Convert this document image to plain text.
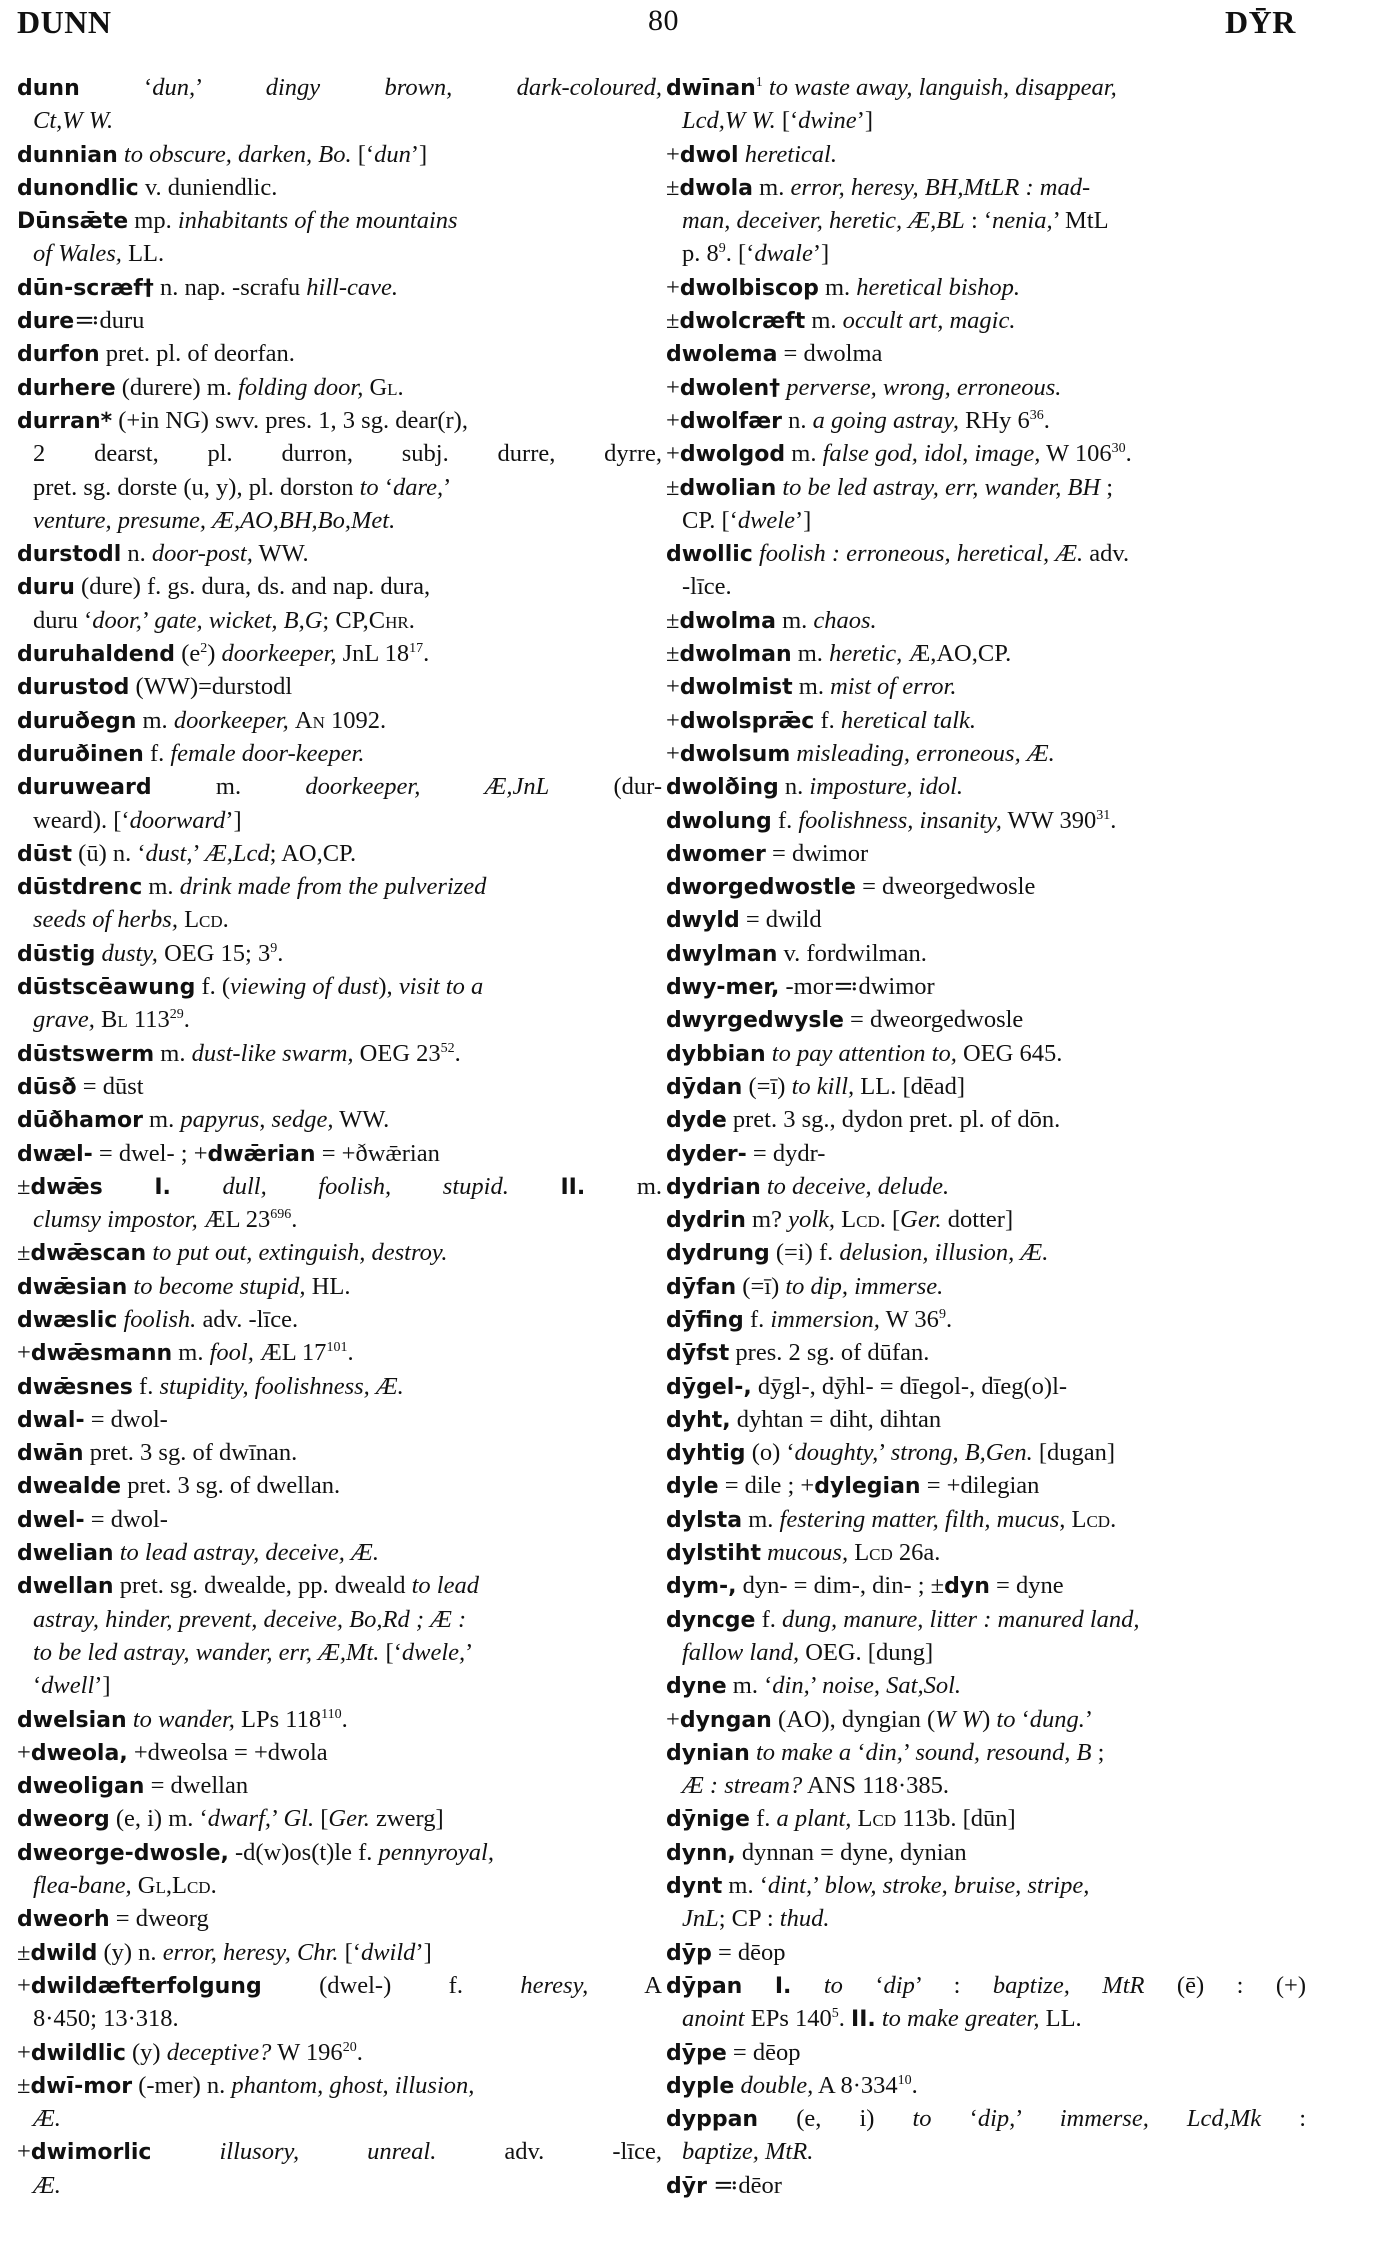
DUNN	80	DȲR
dunn ‘dun,’ dingy brown, dark-coloured,
Ct,W W.
dunnian to obscure, darken, Bo. [‘dun’]
dunondlic v. duniendlic.
Dūnsǣte mp. inhabitants of the mountains
of Wales, LL.
dūn-scræf† n. nap. -scrafu hill-cave.
dure≕duru
durfon pret. pl. of deorfan.
durhere (durere) m. folding door, Gl.
durran* (+in NG) swv. pres. 1, 3 sg. dear(r),
2 dearst, pl. durron, subj. durre, dyrre,
pret. sg. dorste (u, y), pl. dorston to ‘dare,’
venture, presume, Æ,AO,BH,Bo,Met.
durstodl n. door-post, WW.
duru (dure) f. gs. dura, ds. and nap. dura,
duru ‘door,’ gate, wicket, B,G; CP,Chr.
duruhaldend $(e^2)$ doorkeeper, JnL $18^{17}$.
durustod (WW)=durstodl
duruðegn m. doorkeeper, An 1092.
duruðinen f. female door-keeper.
duruweard m. doorkeeper, Æ,JnL (dur-
weard). [‘doorward’]
dūst (ū) n. ‘dust,’ Æ,Lcd; AO,CP.
dūstdrenc m. drink made from the pulverized
seeds of herbs, Lcd.
dūstig dusty, OEG 15; $3^9$.
dūstscēawung f. (viewing of dust), visit to a
grave, Bl $113^{29}$.
dūstswerm m. dust-like swarm, OEG $23^{52}$.
dūsð = dūst
dūðhamor m. papyrus, sedge, WW.
dwæl- = dwel- ; +dwǣrian = +ðwǣrian
±dwǣs I. dull, foolish, stupid. II. m.
clumsy impostor, ÆL $23^{696}$.
±dwǣscan to put out, extinguish, destroy.
dwǣsian to become stupid, HL.
dwæslic foolish. adv. -līce.
+dwǣsmann m. fool, ÆL $17^{101}$.
dwǣsnes f. stupidity, foolishness, Æ.
dwal- = dwol-
dwān pret. 3 sg. of dwīnan.
dwealde pret. 3 sg. of dwellan.
dwel- = dwol-
dwelian to lead astray, deceive, Æ.
dwellan pret. sg. dwealde, pp. dweald to lead
astray, hinder, prevent, deceive, Bo,Rd ; Æ :
to be led astray, wander, err, Æ,Mt. [‘dwele,’
‘dwell’]
dwelsian to wander, LPs $118^{110}$.
+dweola, +dweolsa = +dwola
dweoligan = dwellan
dweorg (e, i) m. ‘dwarf,’ Gl. [Ger. zwerg]
dweorge-dwosle, -d(w)os(t)le f. pennyroyal,
flea-bane, Gl,Lcd.
dweorh = dweorg
±dwild (y) n. error, heresy, Chr. [‘dwild’]
+dwildæfterfolgung (dwel-) f. heresy, A
8·450; 13·318.
+dwildlic (y) deceptive? W $196^{20}$.
±dwī-mor (-mer) n. phantom, ghost, illusion,
Æ.
+dwimorlic	illusory, unreal. adv. -līce,
Æ.
dwīnan$^1$ to waste away, languish, disappear,
Lcd,W W. [‘dwine’]
+dwol heretical.
±dwola m. error, heresy, BH,MtLR : mad-
man, deceiver, heretic, Æ,BL : ‘nenia,’ MtL
p. $8^9$. [‘dwale’]
+dwolbiscop m. heretical bishop.
±dwolcræft m. occult art, magic.
dwolema = dwolma
+dwolen† perverse, wrong, erroneous.
+dwolfær n. a going astray, RHy $6^{36}$.
+dwolgod m. false god, idol, image, W $106^{30}$.
±dwolian to be led astray, err, wander, BH ;
CP. [‘dwele’]
dwollic foolish : erroneous, heretical, Æ. adv.
-līce.
±dwolma m. chaos.
±dwolman m. heretic, Æ,AO,CP.
+dwolmist m. mist of error.
+dwolsprǣc f. heretical talk.
+dwolsum misleading, erroneous, Æ.
dwolðing n. imposture, idol.
dwolung f. foolishness, insanity, WW $390^{31}$.
dwomer = dwimor
dworgedwostle = dweorgedwosle
dwyld = dwild
dwylman v. fordwilman.
dwy-mer, -mor≕dwimor
dwyrgedwysle = dweorgedwosle
dybbian to pay attention to, OEG 645.
dȳdan (=ī) to kill, LL. [dēad]
dyde pret. 3 sg., dydon pret. pl. of dōn.
dyder- = dydr-
dydrian to deceive, delude.
dydrin m? yolk, Lcd. [Ger. dotter]
dydrung (=i) f. delusion, illusion, Æ.
dȳfan (=ī) to dip, immerse.
dȳfing f. immersion, W $36^9$.
dȳfst pres. 2 sg. of dūfan.
dȳgel-, dȳgl-, dȳhl- = dīegol-, dīeg(o)l-
dyht, dyhtan = diht, dihtan
dyhtig (o) ‘doughty,’ strong, B,Gen. [dugan]
dyle = dile ; +dylegian = +dilegian
dylsta m. festering matter, filth, mucus, Lcd.
dylstiht mucous, Lcd 26a.
dym-, dyn- = dim-, din- ; ±dyn = dyne
dyncge f. dung, manure, litter : manured land,
fallow land, OEG. [dung]
dyne m. ‘din,’ noise, Sat,Sol.
+dyngan (AO), dyngian (W W) to ‘dung.’
dynian to make a ‘din,’ sound, resound, B ;
Æ : stream? ANS 118·385.
dȳnige f. a plant, Lcd 113b. [dūn]
dynn, dynnan = dyne, dynian
dynt m. ‘dint,’ blow, stroke, bruise, stripe,
JnL; CP : thud.
dȳp = dēop
dȳpan I. to ‘dip’ : baptize, MtR (ē) : (+)
anoint EPs $140^5$. II. to make greater, LL.
dȳpe = dēop
dyple double, A $8\cdot 334^{10}$.
dyppan (e, i) to ‘dip,’ immerse, Lcd,Mk :
baptize, MtR.
dȳr ≕dēor
